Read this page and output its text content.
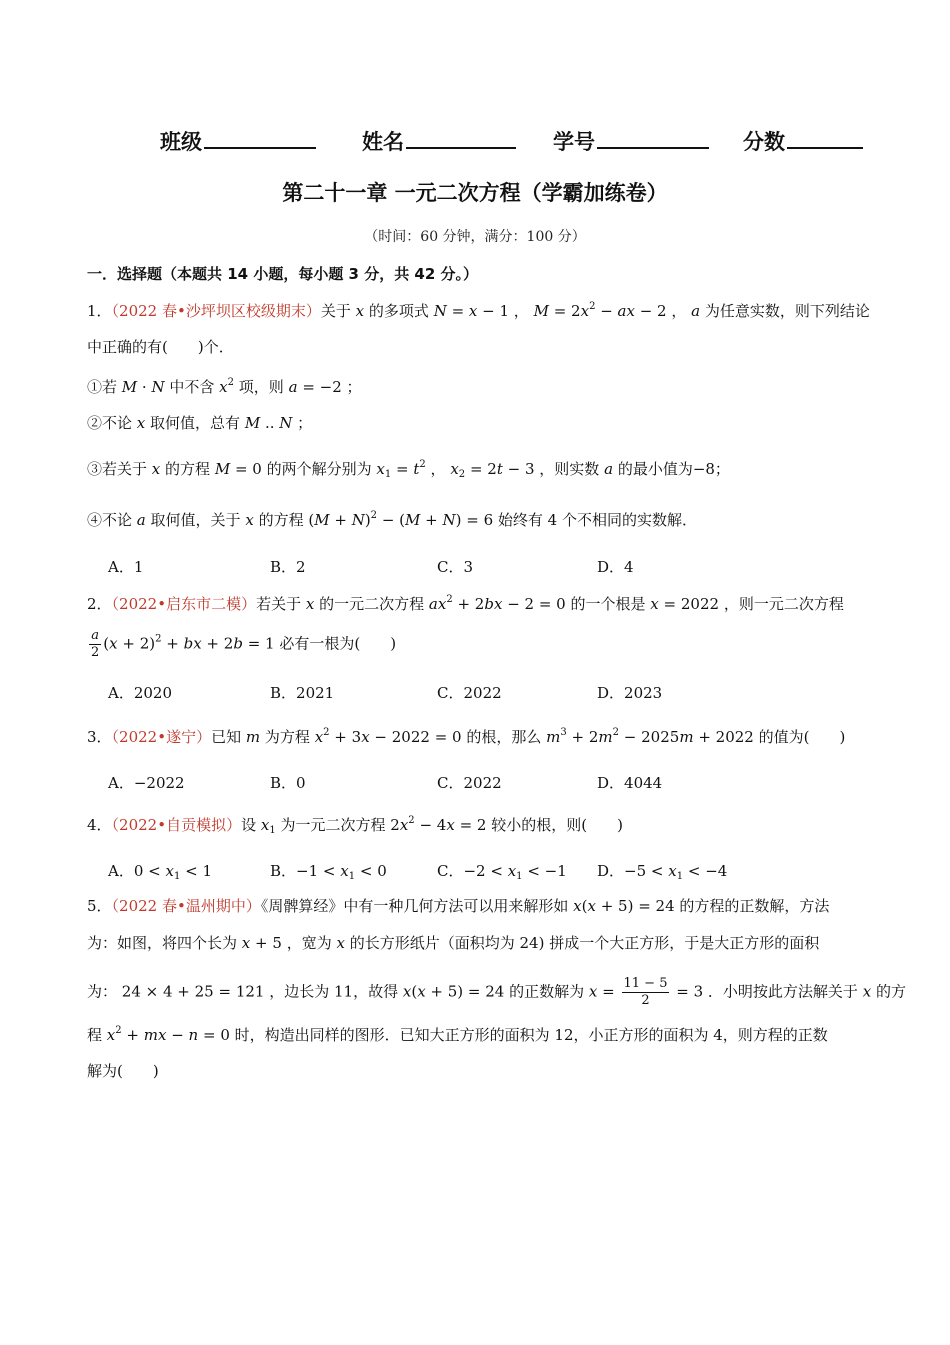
班级	姓名	学号	分数
第二十一章 一元二次方程（学霸加练卷）
（时间：60 分钟，满分：100 分）
一．选择题（本题共 14 小题，每小题 3 分，共 42 分。）
1．（2022 春•沙坪坝区校级期末）关于 x 的多项式 N = x − 1 ， $M = 2x^2$ − ax − 2 ， a 为任意实数，则下列结论
中正确的有(　　)个．
①若 M · N 中不含 $x^2$ 项，则 a = −2 ；
②不论 x 取何值，总有 M .. N ；
③若关于 x 的方程 M = 0 的两个解分别为 $x_1 = t^2$ ， $x_2 = 2t - 3$ ，则实数 a 的最小值为−8；
④不论 a 取何值，关于 x 的方程 $(M + N)^2 - (M + N) = 6$ 始终有 4 个不相同的实数解．
A．1	B．2	C．3	D．4
2．（2022•启东市二模）若关于 x 的一元二次方程 $ax^2 + 2bx - 2 = 0$ 的一个根是 x = 2022 ，则一元二次方程
$\frac{a}{2} (x + 2)^2$ + bx + 2b = 1 必有一根为(　　)
A．2020	B．2021	C．2022	D．2023
3．（2022•遂宁）已知 m 为方程 $x^2 + 3x - 2022 = 0$ 的根，那么 $m^3 + 2m^2 - 2025m + 2022$ 的值为(　　)
A．−2022	B．0	C．2022	D．4044
4．（2022•自贡模拟）设 $x_1$ 为一元二次方程 $2x^2 - 4x = 2$ 较小的根，则(　　)
A．$0 < x_1 < 1$	B．$-1 < x_1 < 0$	C．$-2 < x_1 < -1$ D．$-5 < x_1 < -4$
5．（2022 春•温州期中）《周髀算经》中有一种几何方法可以用来解形如 x(x + 5) = 24 的方程的正数解，方法
为：如图，将四个长为 x + 5 ，宽为 x 的长方形纸片（面积均为 24) 拼成一个大正方形，于是大正方形的面积
为： 24 × 4 + 25 = 121 ，边长为 11，故得 x(x + 5) = 24 的正数解为 $x = \frac{11 - 5}{2} = 3$ ．小明按此方法解关于 x 的方
程 $x^2$ + mx − n = 0 时，构造出同样的图形．已知大正方形的面积为 12，小正方形的面积为 4，则方程的正数
解为(　　)
